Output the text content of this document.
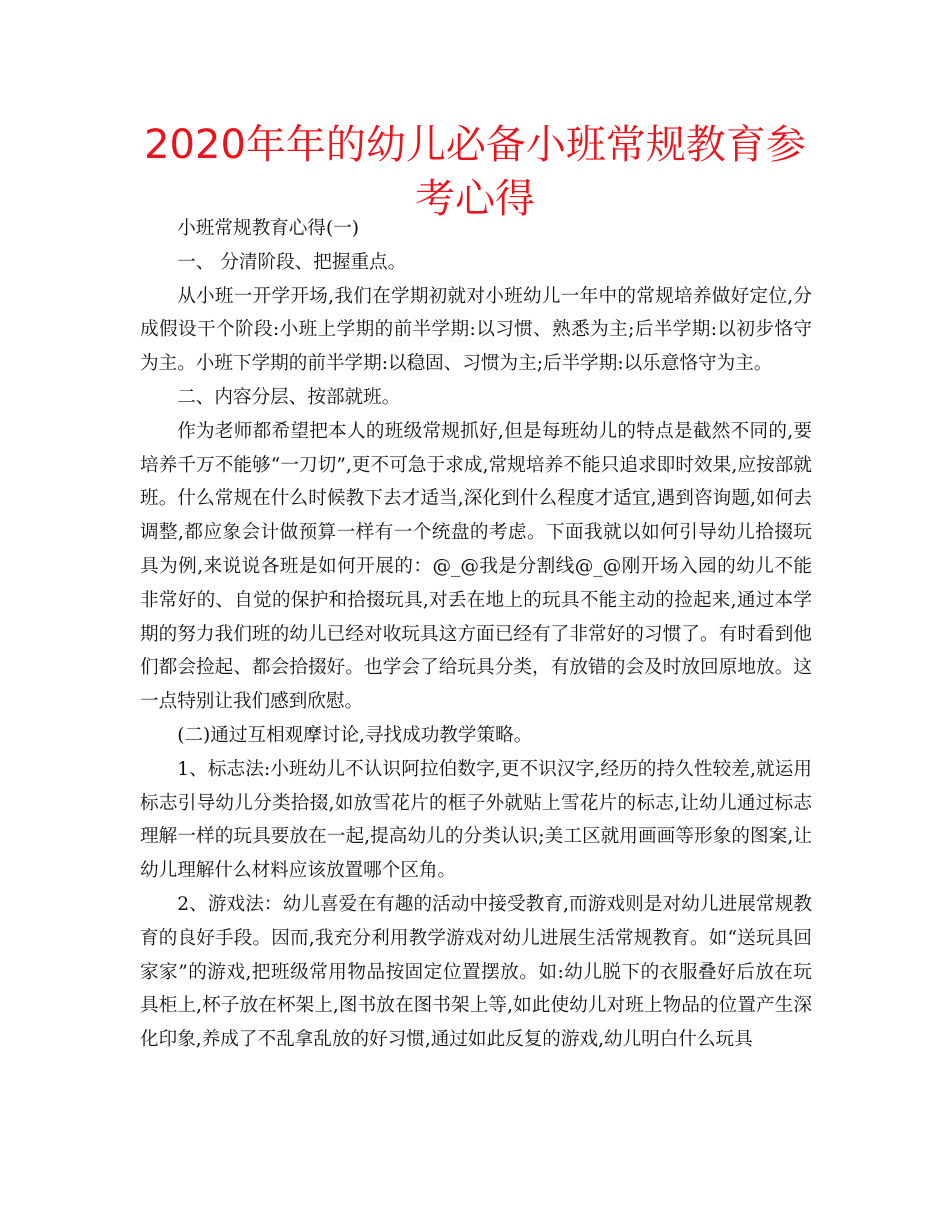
2020年年的幼儿必备小班常规教育参考心得

小班常规教育心得(一)

一、 分清阶段、把握重点。

从小班一开学开场,我们在学期初就对小班幼儿一年中的常规培养做好定位,分成假设干个阶段:小班上学期的前半学期:以习惯、熟悉为主;后半学期:以初步恪守为主。小班下学期的前半学期:以稳固、习惯为主;后半学期:以乐意恪守为主。

二、内容分层、按部就班。

作为老师都希望把本人的班级常规抓好,但是每班幼儿的特点是截然不同的,要培养千万不能够“一刀切”,更不可急于求成,常规培养不能只追求即时效果,应按部就班。什么常规在什么时候教下去才适当,深化到什么程度才适宜,遇到咨询题,如何去调整,都应象会计做预算一样有一个统盘的考虑。下面我就以如何引导幼儿拾掇玩具为例,来说说各班是如何开展的：@_@我是分割线@_@刚开场入园的幼儿不能非常好的、自觉的保护和拾掇玩具,对丢在地上的玩具不能主动的捡起来,通过本学期的努力我们班的幼儿已经对收玩具这方面已经有了非常好的习惯了。有时看到他们都会捡起、都会拾掇好。也学会了给玩具分类，有放错的会及时放回原地放。这一点特别让我们感到欣慰。

(二)通过互相观摩讨论,寻找成功教学策略。

1、标志法:小班幼儿不认识阿拉伯数字,更不识汉字,经历的持久性较差,就运用标志引导幼儿分类拾掇,如放雪花片的框子外就贴上雪花片的标志,让幼儿通过标志理解一样的玩具要放在一起,提高幼儿的分类认识;美工区就用画画等形象的图案,让幼儿理解什么材料应该放置哪个区角。

2、游戏法：幼儿喜爱在有趣的活动中接受教育,而游戏则是对幼儿进展常规教育的良好手段。因而,我充分利用教学游戏对幼儿进展生活常规教育。如“送玩具回家家”的游戏,把班级常用物品按固定位置摆放。如:幼儿脱下的衣服叠好后放在玩具柜上,杯子放在杯架上,图书放在图书架上等,如此使幼儿对班上物品的位置产生深化印象,养成了不乱拿乱放的好习惯,通过如此反复的游戏,幼儿明白什么玩具
